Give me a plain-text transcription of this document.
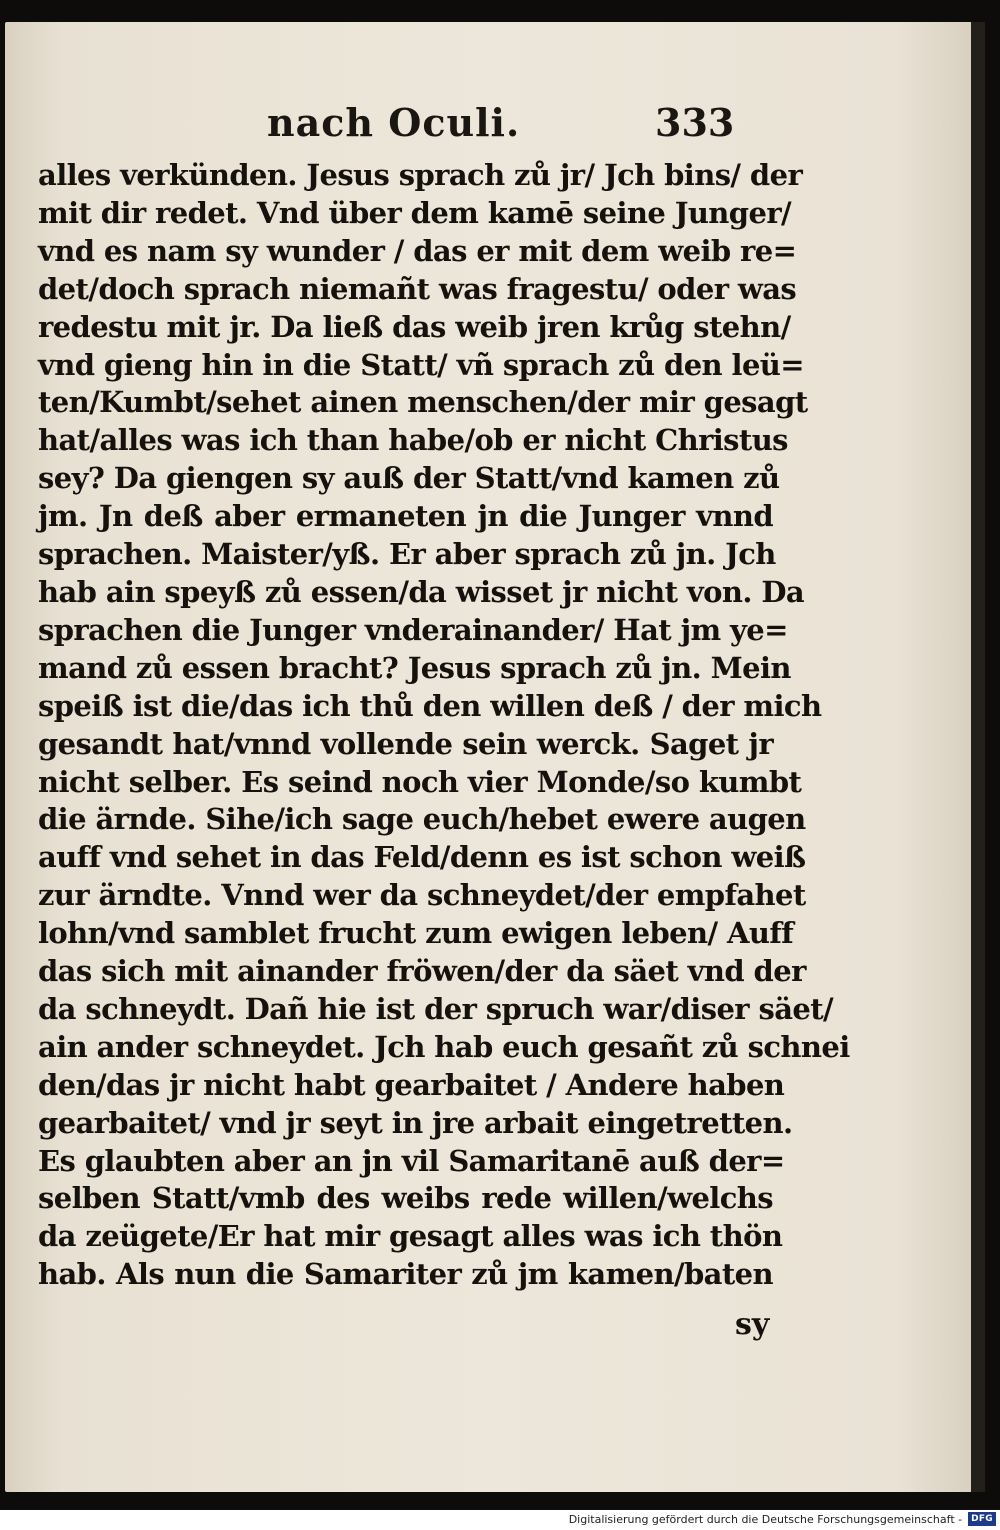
nach Oculi.	333
alles verkünden. Jesus sprach zů jr/ Jch bins/ der
mit dir redet. Vnd über dem kamē seine Junger/
vnd es nam sy wunder / das er mit dem weib re=
det/doch sprach niemañt was fragestu/ oder was
redestu mit jr. Da ließ das weib jren krůg stehn/
vnd gieng hin in die Statt/ vñ sprach zů den leü=
ten/Kumbt/sehet ainen menschen/der mir gesagt
hat/alles was ich than habe/ob er nicht Christus
sey? Da giengen sy auß der Statt/vnd kamen zů
jm. Jn deß aber ermaneten jn die Junger vnnd
sprachen. Maister/yß. Er aber sprach zů jn. Jch
hab ain speyß zů essen/da wisset jr nicht von. Da
sprachen die Junger vnderainander/ Hat jm ye=
mand zů essen bracht? Jesus sprach zů jn. Mein
speiß ist die/das ich thů den willen deß / der mich
gesandt hat/vnnd vollende sein werck. Saget jr
nicht selber. Es seind noch vier Monde/so kumbt
die ärnde. Sihe/ich sage euch/hebet ewere augen
auff vnd sehet in das Feld/denn es ist schon weiß
zur ärndte. Vnnd wer da schneydet/der empfahet
lohn/vnd samblet frucht zum ewigen leben/ Auff
das sich mit ainander fröwen/der da säet vnd der
da schneydt. Dañ hie ist der spruch war/diser säet/
ain ander schneydet. Jch hab euch gesañt zů schnei
den/das jr nicht habt gearbaitet / Andere haben
gearbaitet/ vnd jr seyt in jre arbait eingetretten.
Es glaubten aber an jn vil Samaritanē auß der=
selben Statt/vmb des weibs rede willen/welchs
da zeügete/Er hat mir gesagt alles was ich thön
hab. Als nun die Samariter zů jm kamen/baten
sy
Digitalisierung gefördert durch die Deutsche Forschungsgemeinschaft -	DFG
